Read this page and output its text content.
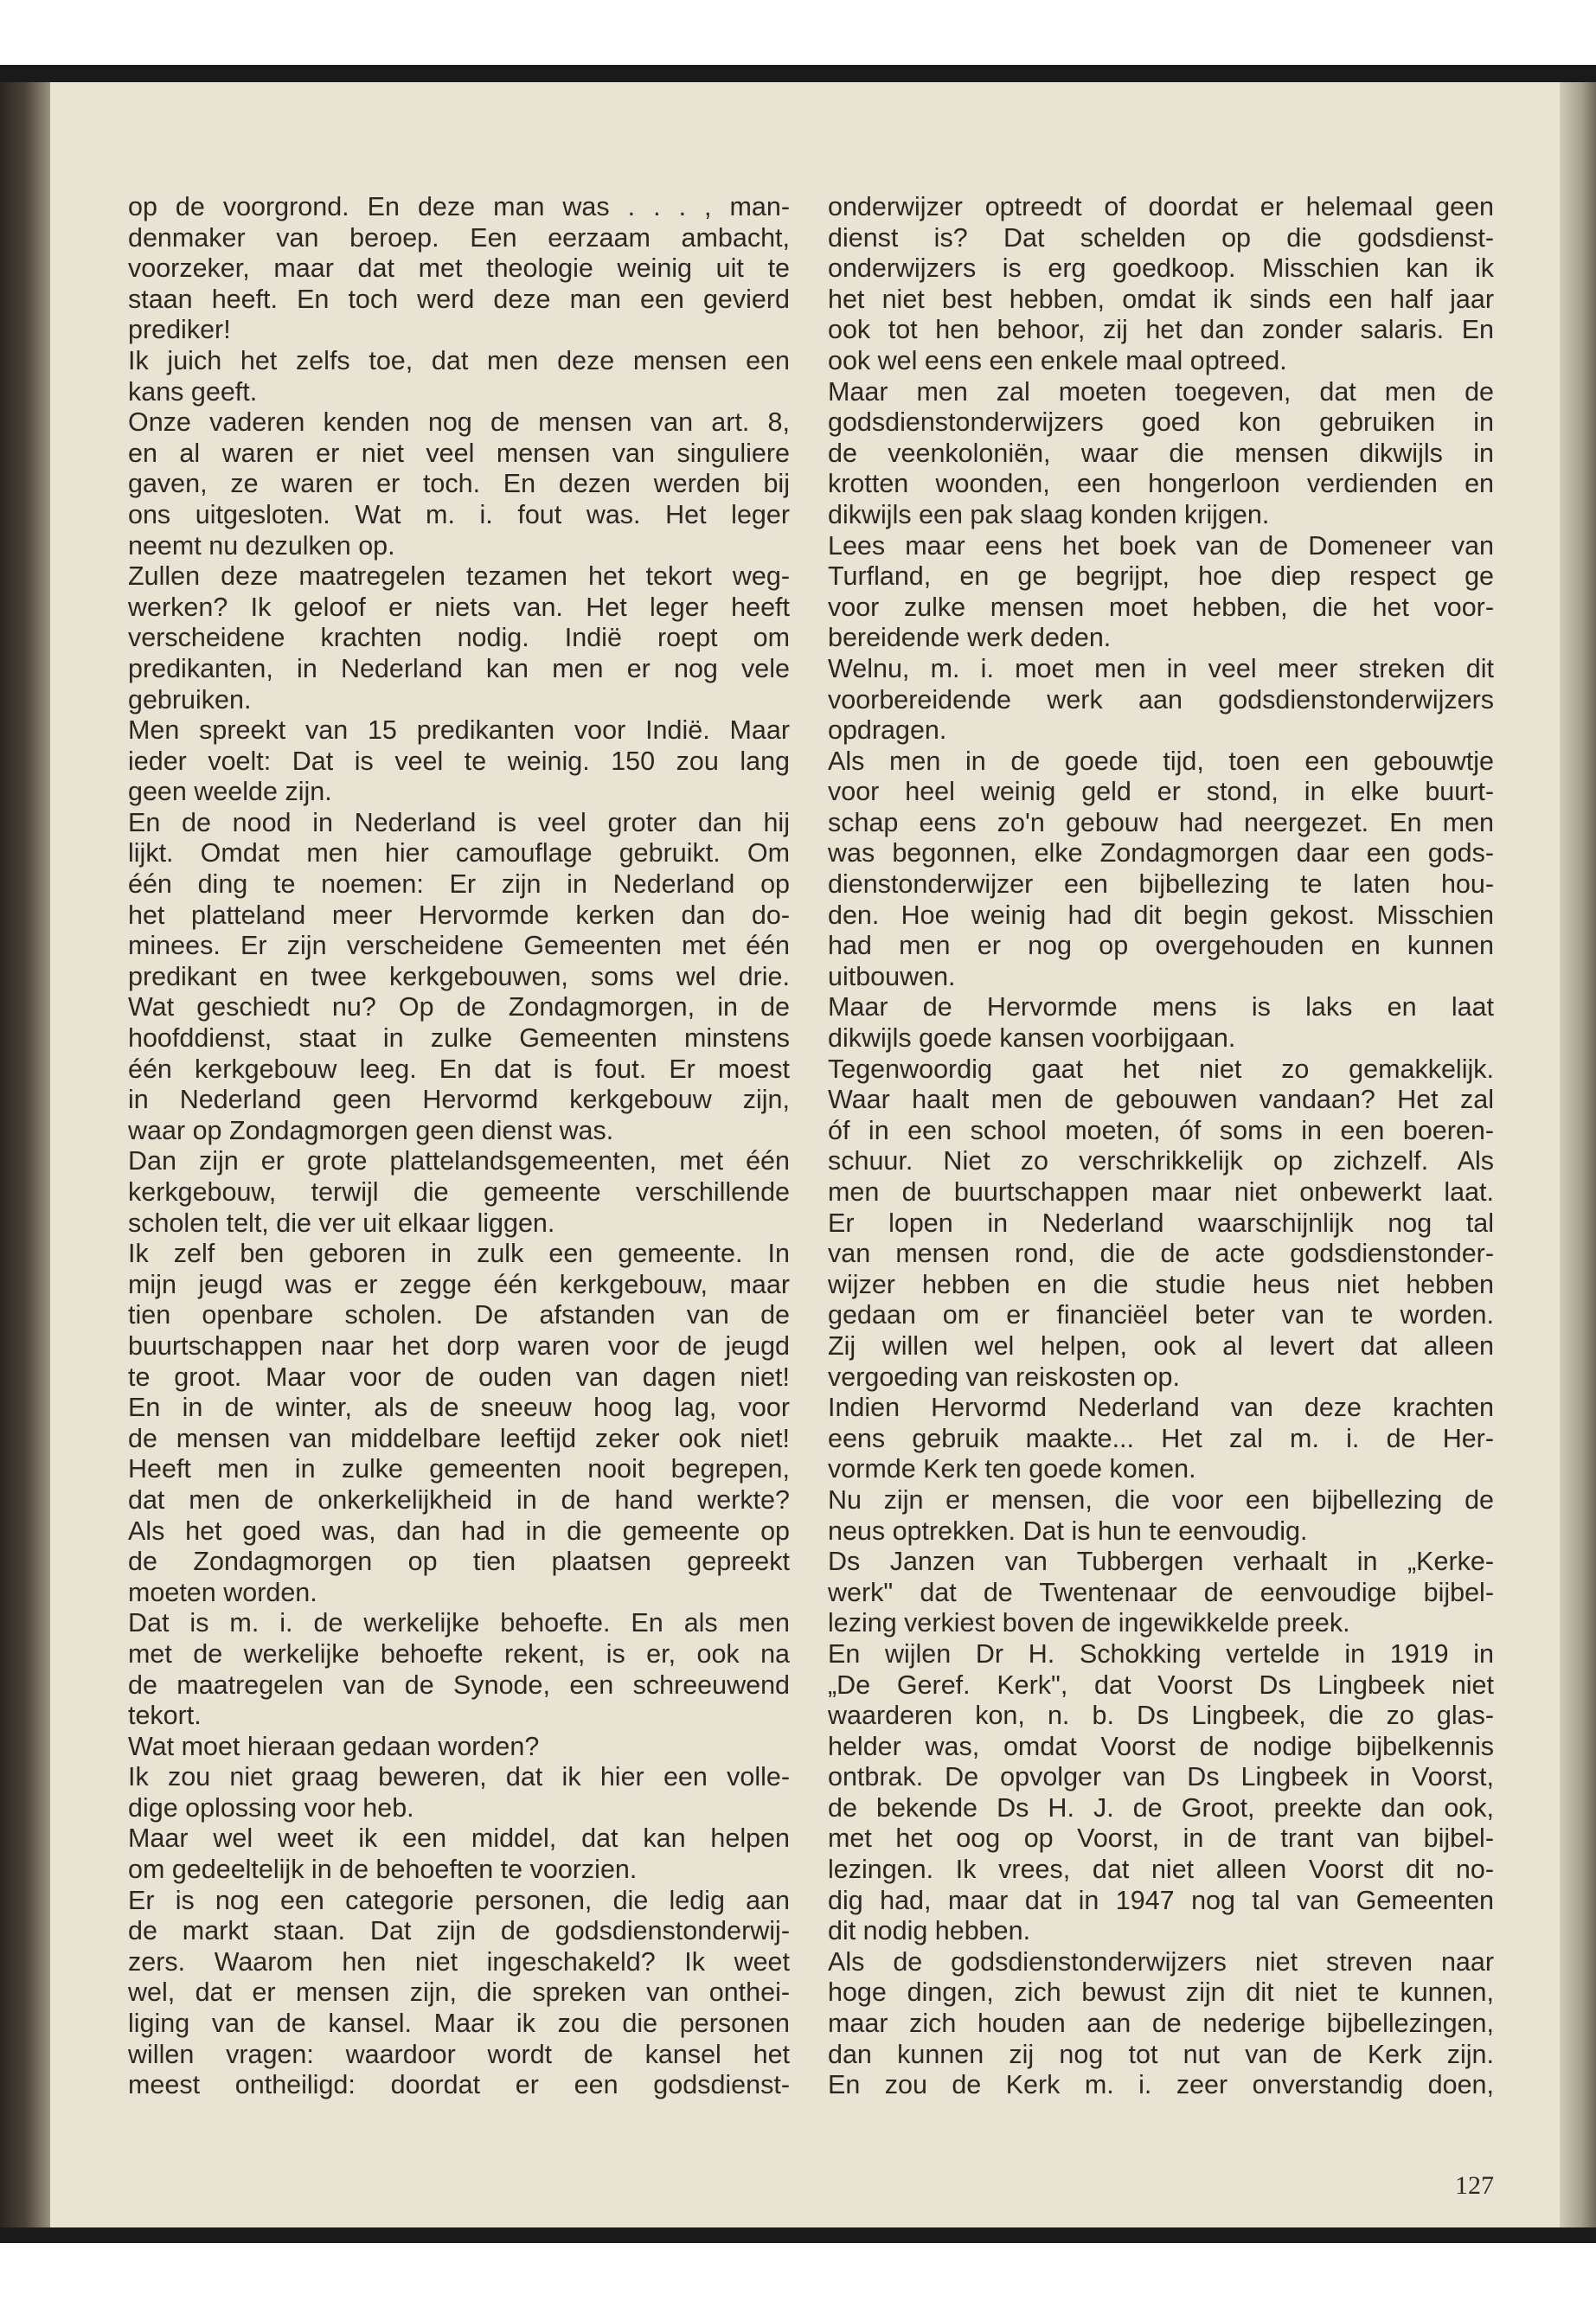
op de voorgrond. En deze man was . . . , man-
denmaker van beroep. Een eerzaam ambacht,
voorzeker, maar dat met theologie weinig uit te
staan heeft. En toch werd deze man een gevierd
prediker!
Ik juich het zelfs toe, dat men deze mensen een
kans geeft.
Onze vaderen kenden nog de mensen van art. 8,
en al waren er niet veel mensen van singuliere
gaven, ze waren er toch. En dezen werden bij
ons uitgesloten. Wat m. i. fout was. Het leger
neemt nu dezulken op.
Zullen deze maatregelen tezamen het tekort weg-
werken? Ik geloof er niets van. Het leger heeft
verscheidene krachten nodig. Indië roept om
predikanten, in Nederland kan men er nog vele
gebruiken.
Men spreekt van 15 predikanten voor Indië. Maar
ieder voelt: Dat is veel te weinig. 150 zou lang
geen weelde zijn.
En de nood in Nederland is veel groter dan hij
lijkt. Omdat men hier camouflage gebruikt. Om
één ding te noemen: Er zijn in Nederland op
het platteland meer Hervormde kerken dan do-
minees. Er zijn verscheidene Gemeenten met één
predikant en twee kerkgebouwen, soms wel drie.
Wat geschiedt nu? Op de Zondagmorgen, in de
hoofddienst, staat in zulke Gemeenten minstens
één kerkgebouw leeg. En dat is fout. Er moest
in Nederland geen Hervormd kerkgebouw zijn,
waar op Zondagmorgen geen dienst was.
Dan zijn er grote plattelandsgemeenten, met één
kerkgebouw, terwijl die gemeente verschillende
scholen telt, die ver uit elkaar liggen.
Ik zelf ben geboren in zulk een gemeente. In
mijn jeugd was er zegge één kerkgebouw, maar
tien openbare scholen. De afstanden van de
buurtschappen naar het dorp waren voor de jeugd
te groot. Maar voor de ouden van dagen niet!
En in de winter, als de sneeuw hoog lag, voor
de mensen van middelbare leeftijd zeker ook niet!
Heeft men in zulke gemeenten nooit begrepen,
dat men de onkerkelijkheid in de hand werkte?
Als het goed was, dan had in die gemeente op
de Zondagmorgen op tien plaatsen gepreekt
moeten worden.
Dat is m. i. de werkelijke behoefte. En als men
met de werkelijke behoefte rekent, is er, ook na
de maatregelen van de Synode, een schreeuwend
tekort.
Wat moet hieraan gedaan worden?
Ik zou niet graag beweren, dat ik hier een volle-
dige oplossing voor heb.
Maar wel weet ik een middel, dat kan helpen
om gedeeltelijk in de behoeften te voorzien.
Er is nog een categorie personen, die ledig aan
de markt staan. Dat zijn de godsdienstonderwij-
zers. Waarom hen niet ingeschakeld? Ik weet
wel, dat er mensen zijn, die spreken van onthei-
liging van de kansel. Maar ik zou die personen
willen vragen: waardoor wordt de kansel het
meest ontheiligd: doordat er een godsdienst-
onderwijzer optreedt of doordat er helemaal geen
dienst is? Dat schelden op die godsdienst-
onderwijzers is erg goedkoop. Misschien kan ik
het niet best hebben, omdat ik sinds een half jaar
ook tot hen behoor, zij het dan zonder salaris. En
ook wel eens een enkele maal optreed.
Maar men zal moeten toegeven, dat men de
godsdienstonderwijzers goed kon gebruiken in
de veenkoloniën, waar die mensen dikwijls in
krotten woonden, een hongerloon verdienden en
dikwijls een pak slaag konden krijgen.
Lees maar eens het boek van de Domeneer van
Turfland, en ge begrijpt, hoe diep respect ge
voor zulke mensen moet hebben, die het voor-
bereidende werk deden.
Welnu, m. i. moet men in veel meer streken dit
voorbereidende werk aan godsdienstonderwijzers
opdragen.
Als men in de goede tijd, toen een gebouwtje
voor heel weinig geld er stond, in elke buurt-
schap eens zo'n gebouw had neergezet. En men
was begonnen, elke Zondagmorgen daar een gods-
dienstonderwijzer een bijbellezing te laten hou-
den. Hoe weinig had dit begin gekost. Misschien
had men er nog op overgehouden en kunnen
uitbouwen.
Maar de Hervormde mens is laks en laat
dikwijls goede kansen voorbijgaan.
Tegenwoordig gaat het niet zo gemakkelijk.
Waar haalt men de gebouwen vandaan? Het zal
óf in een school moeten, óf soms in een boeren-
schuur. Niet zo verschrikkelijk op zichzelf. Als
men de buurtschappen maar niet onbewerkt laat.
Er lopen in Nederland waarschijnlijk nog tal
van mensen rond, die de acte godsdienstonder-
wijzer hebben en die studie heus niet hebben
gedaan om er financiëel beter van te worden.
Zij willen wel helpen, ook al levert dat alleen
vergoeding van reiskosten op.
Indien Hervormd Nederland van deze krachten
eens gebruik maakte... Het zal m. i. de Her-
vormde Kerk ten goede komen.
Nu zijn er mensen, die voor een bijbellezing de
neus optrekken. Dat is hun te eenvoudig.
Ds Janzen van Tubbergen verhaalt in „Kerke-
werk" dat de Twentenaar de eenvoudige bijbel-
lezing verkiest boven de ingewikkelde preek.
En wijlen Dr H. Schokking vertelde in 1919 in
„De Geref. Kerk", dat Voorst Ds Lingbeek niet
waarderen kon, n. b. Ds Lingbeek, die zo glas-
helder was, omdat Voorst de nodige bijbelkennis
ontbrak. De opvolger van Ds Lingbeek in Voorst,
de bekende Ds H. J. de Groot, preekte dan ook,
met het oog op Voorst, in de trant van bijbel-
lezingen. Ik vrees, dat niet alleen Voorst dit no-
dig had, maar dat in 1947 nog tal van Gemeenten
dit nodig hebben.
Als de godsdienstonderwijzers niet streven naar
hoge dingen, zich bewust zijn dit niet te kunnen,
maar zich houden aan de nederige bijbellezingen,
dan kunnen zij nog tot nut van de Kerk zijn.
En zou de Kerk m. i. zeer onverstandig doen,
127
